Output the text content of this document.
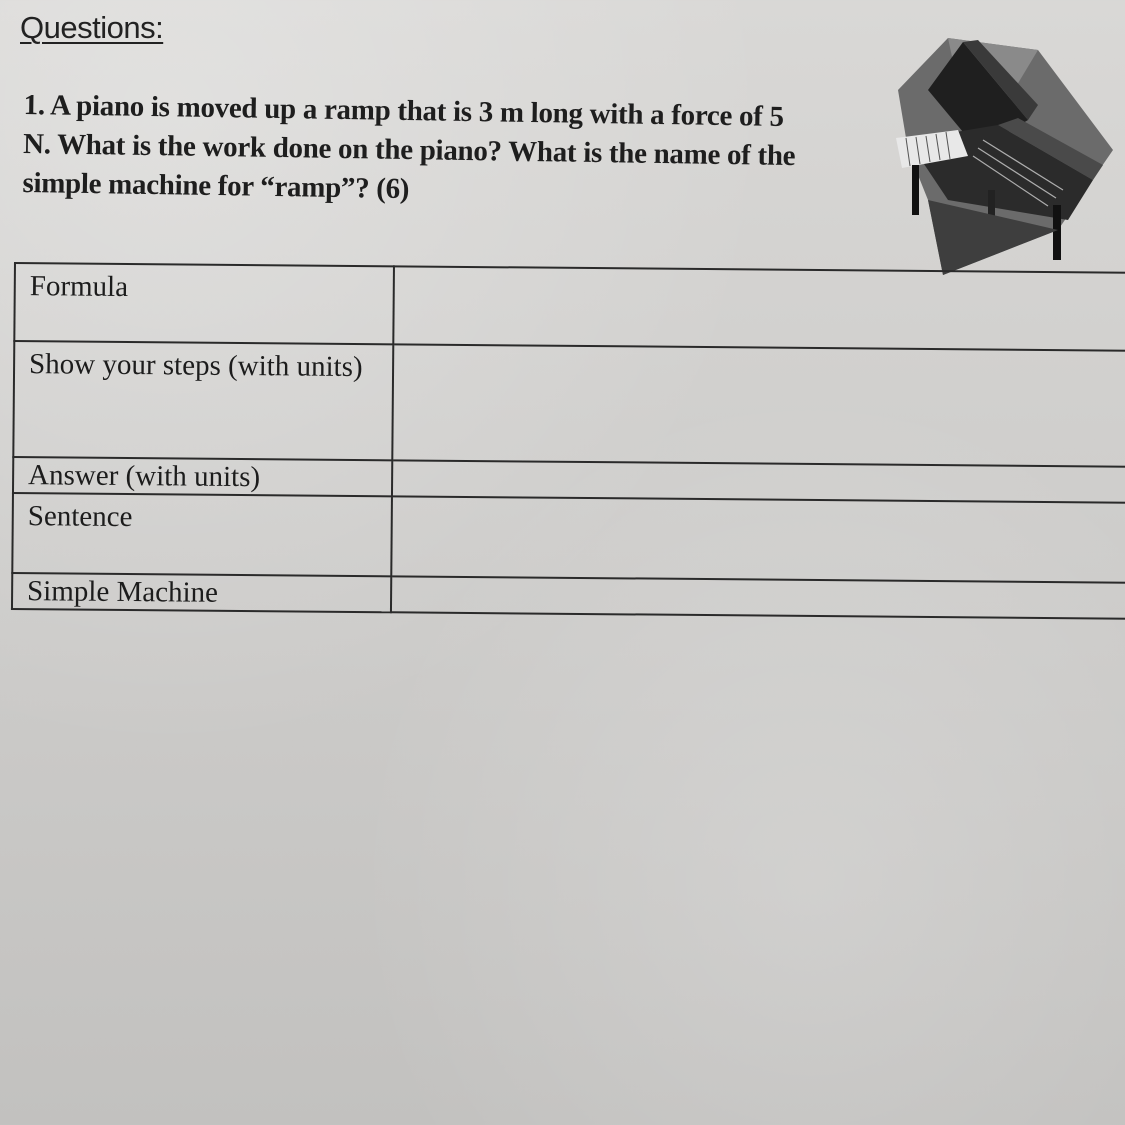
Questions:
1. A piano is moved up a ramp that is 3 m long with a force of 5
N. What is the work done on the piano? What is the name of the
simple machine for “ramp”? (6)
Formula	
Show your steps (with units)	
Answer (with units)	
Sentence	
Simple Machine	
